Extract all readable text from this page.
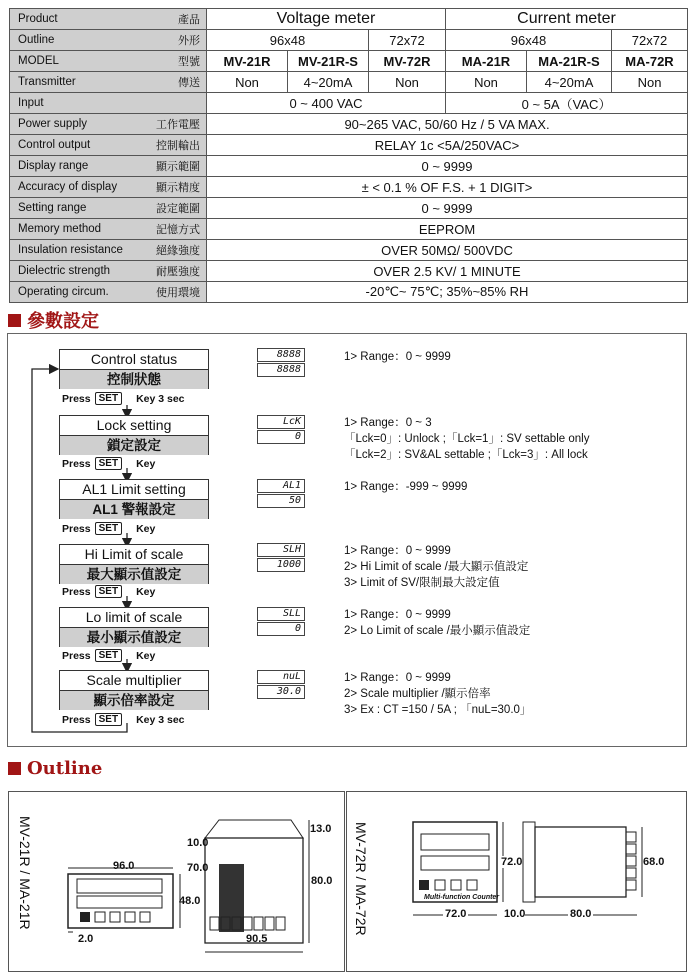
Product	產品	Voltage meter			Current meter		
Outline	外形	96x48		72x72	96x48		72x72
MODEL	型號	MV-21R	MV-21R-S	MV-72R	MA-21R	MA-21R-S	MA-72R
Transmitter	傳送	Non	4~20mA	Non	Non	4~20mA	Non
Input		0 ~ 400 VAC			0 ~ 5A（VAC）		
Power supply	工作電壓	90~265 VAC, 50/60 Hz / 5 VA MAX.					
Control output	控制輸出	RELAY 1c <5A/250VAC>					
Display range	顯示範圍	0 ~ 9999					
Accuracy of display	顯示精度	± < 0.1 % OF F.S. + 1 DIGIT>					
Setting range	設定範圍	0 ~ 9999					
Memory method	記憶方式	EEPROM					
Insulation resistance	絕緣強度	OVER 50MΩ/ 500VDC					
Dielectric strength	耐壓強度	OVER 2.5 KV/ 1 MINUTE					
Operating circum.	使用環境	-20℃~ 75℃; 35%~85% RH					
參數設定
Control status
控制狀態
Press SET	Key 3 sec
8888
8888
1> Range：0 ~ 9999
Lock setting
鎖定設定
Press SET	Key
LcK
0
1> Range：0 ~ 3
「Lck=0」: Unlock ;「Lck=1」: SV settable only
「Lck=2」: SV&AL settable ;「Lck=3」: All lock
AL1 Limit setting
AL1 警報設定
Press SET	Key
AL1
50
1> Range：-999 ~ 9999
Hi Limit of scale
最大顯示值設定
Press SET	Key
SLH
1000
1> Range：0 ~ 9999
2> Hi Limit of scale /最大顯示值設定
3> Limit of SV/限制最大設定值
Lo limit of scale
最小顯示值設定
Press SET	Key
SLL
0
1> Range：0 ~ 9999
2> Lo Limit of scale /最小顯示值設定
Scale multiplier
顯示倍率設定
Press SET	Key 3 sec
nuL
30.0
1> Range：0 ~ 9999
2> Scale multiplier /顯示倍率
3> Ex : CT =150 / 5A ; 「nuL=30.0」
Outline
MV-21R / MA-21R	96.0
48.0
70.0
10.0
13.0
80.0
90.5
2.0
MV-72R / MA-72R	Multi-function Counter
72.0
72.0
10.0	80.0
68.0
